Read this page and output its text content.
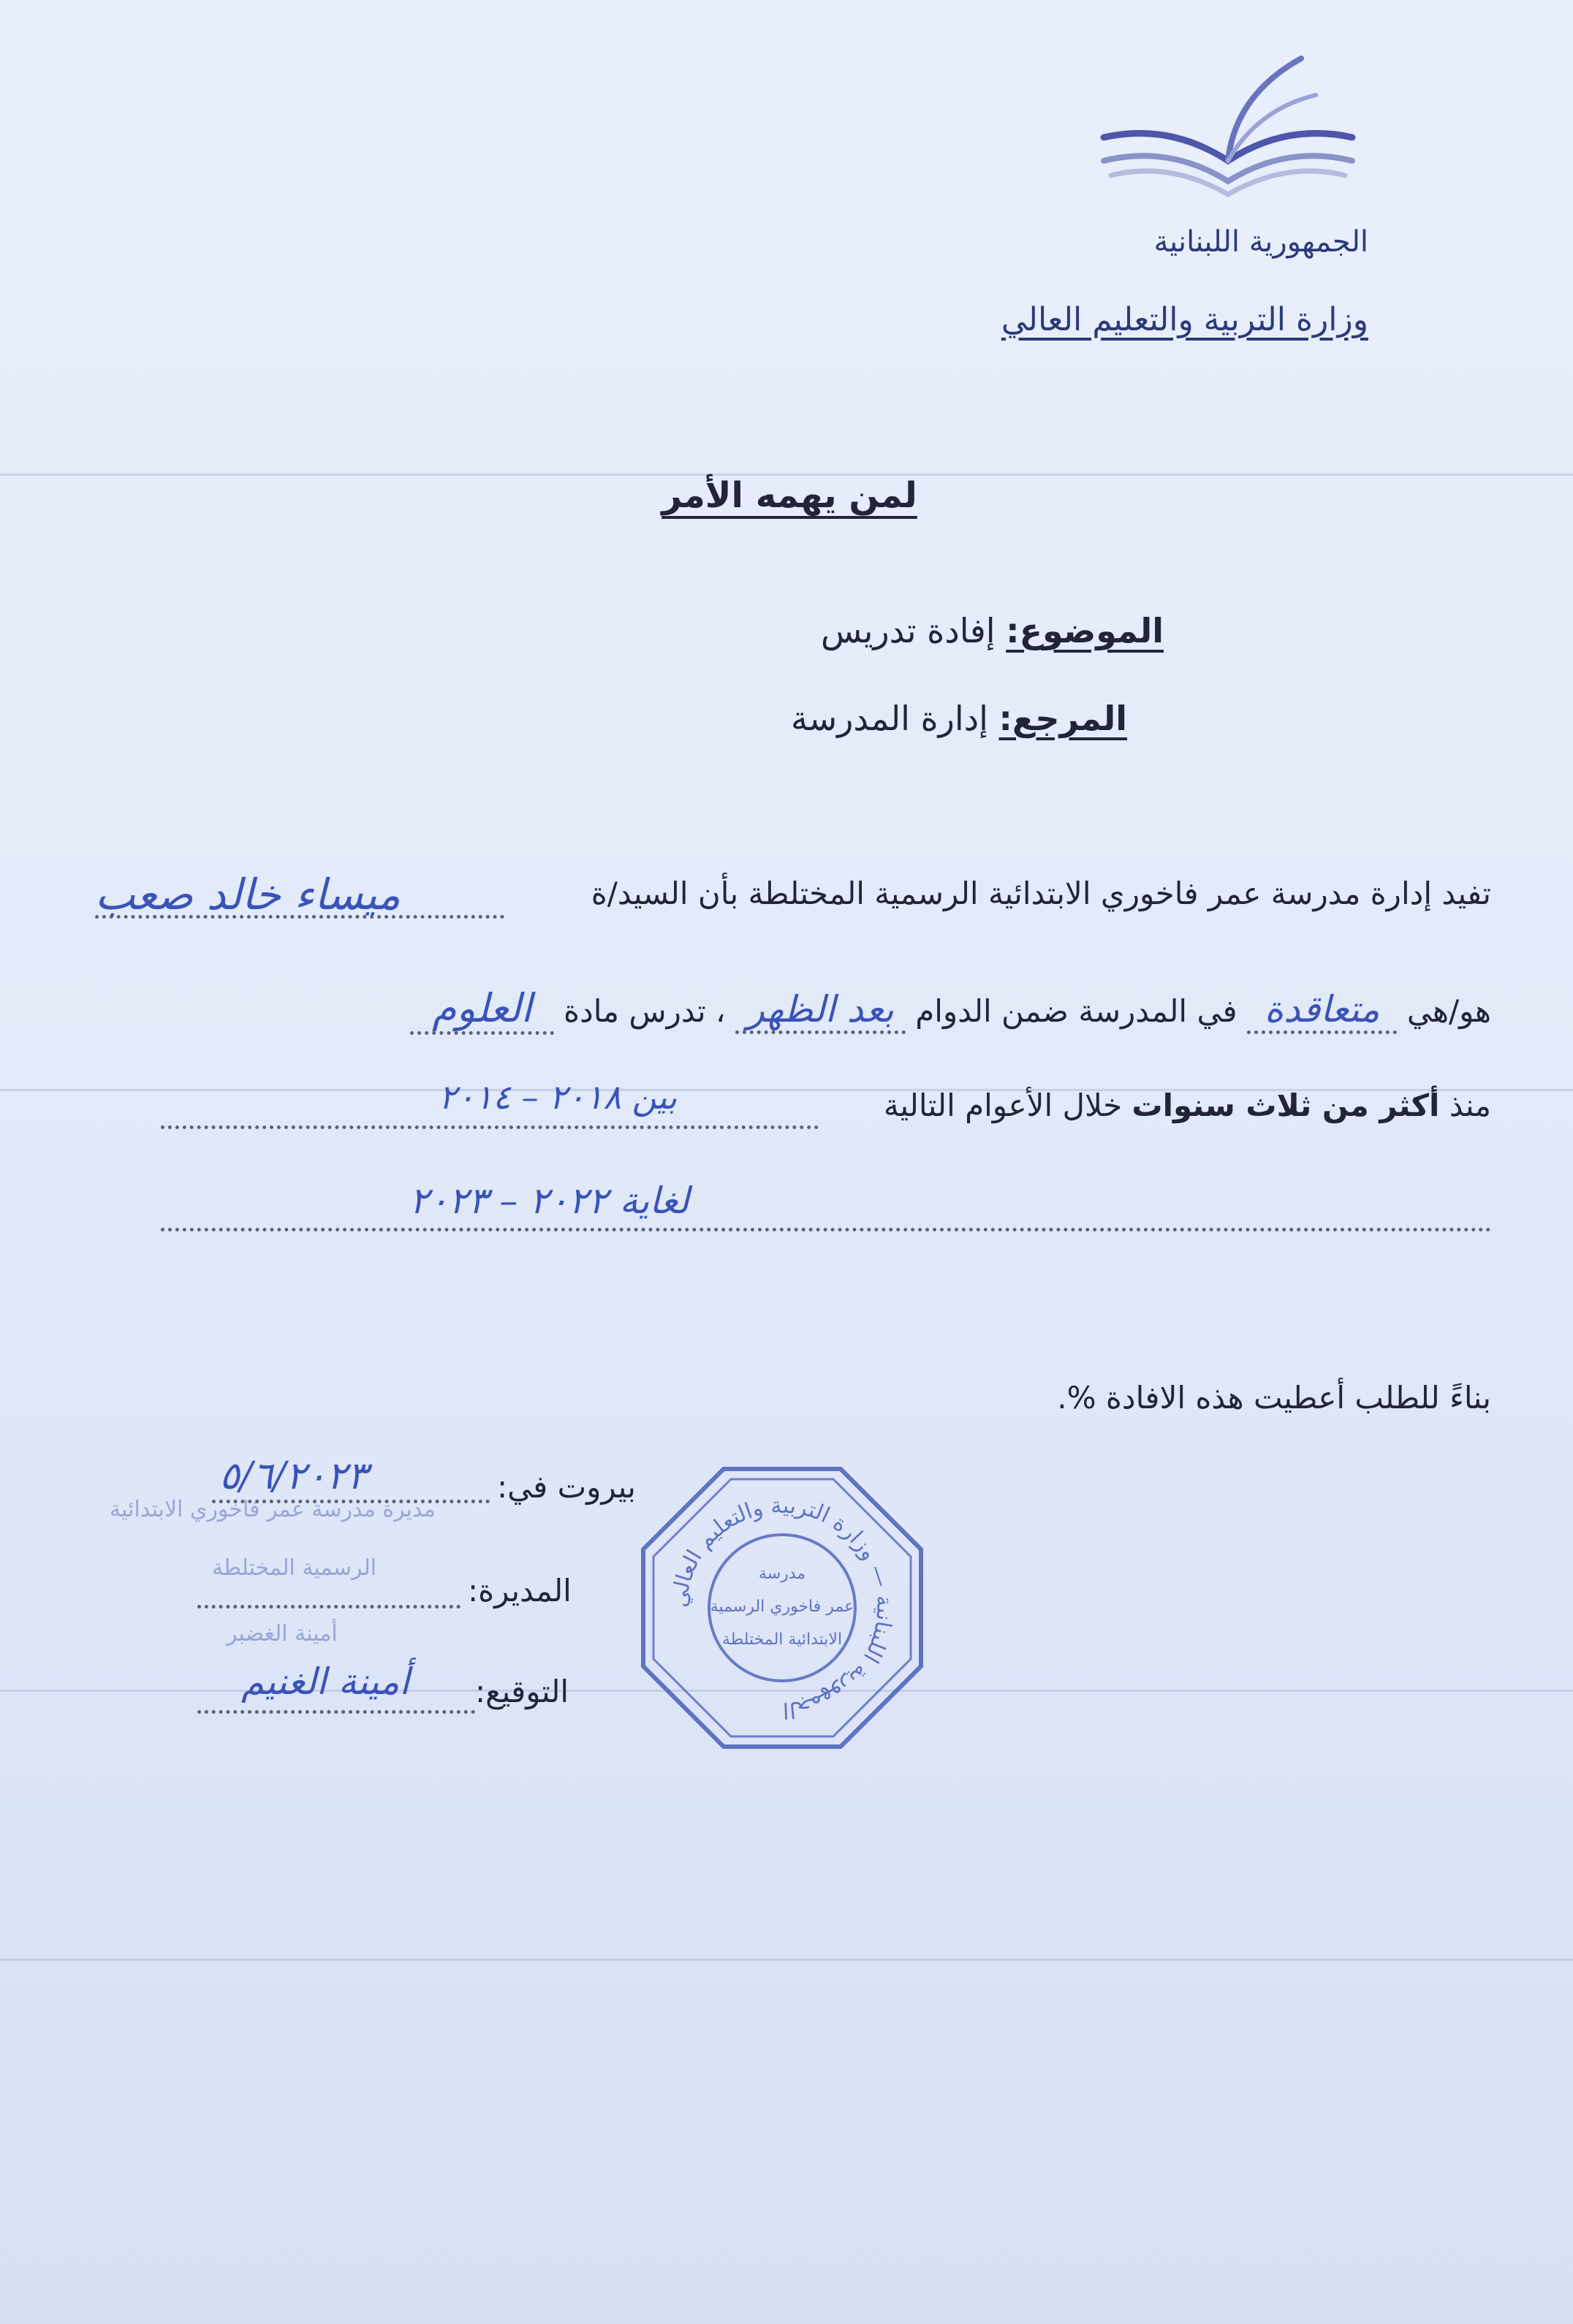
الجمهورية اللبنانية
وزارة التربية والتعليم العالي
لمن يهمه الأمر
الموضوع: إفادة تدريس
المرجع: إدارة المدرسة
تفيد إدارة مدرسة عمر فاخوري الابتدائية الرسمية المختلطة بأن السيد/ة
ميساء خالد صعب
هو/هي متعاقدة في المدرسة ضمن الدوام بعد الظهر ، تدرس مادة العلوم
منذ أكثر من ثلاث سنوات خلال الأعوام التالية
بين ٢٠١٨ – ٢٠١٤
لغاية ٢٠٢٢ – ٢٠٢٣
بناءً للطلب أعطيت هذه الافادة %.
بيروت في:
٥/٦/٢٠٢٣
مديرة مدرسة عمر فاخوري الابتدائية
الرسمية المختلطة
أمينة الغضبر
المديرة:
التوقيع:
أمينة الغنيم
الجمهورية اللبنانية — وزارة التربية والتعليم العالي
مدرسة
عمر فاخوري الرسمية
الابتدائية المختلطة
